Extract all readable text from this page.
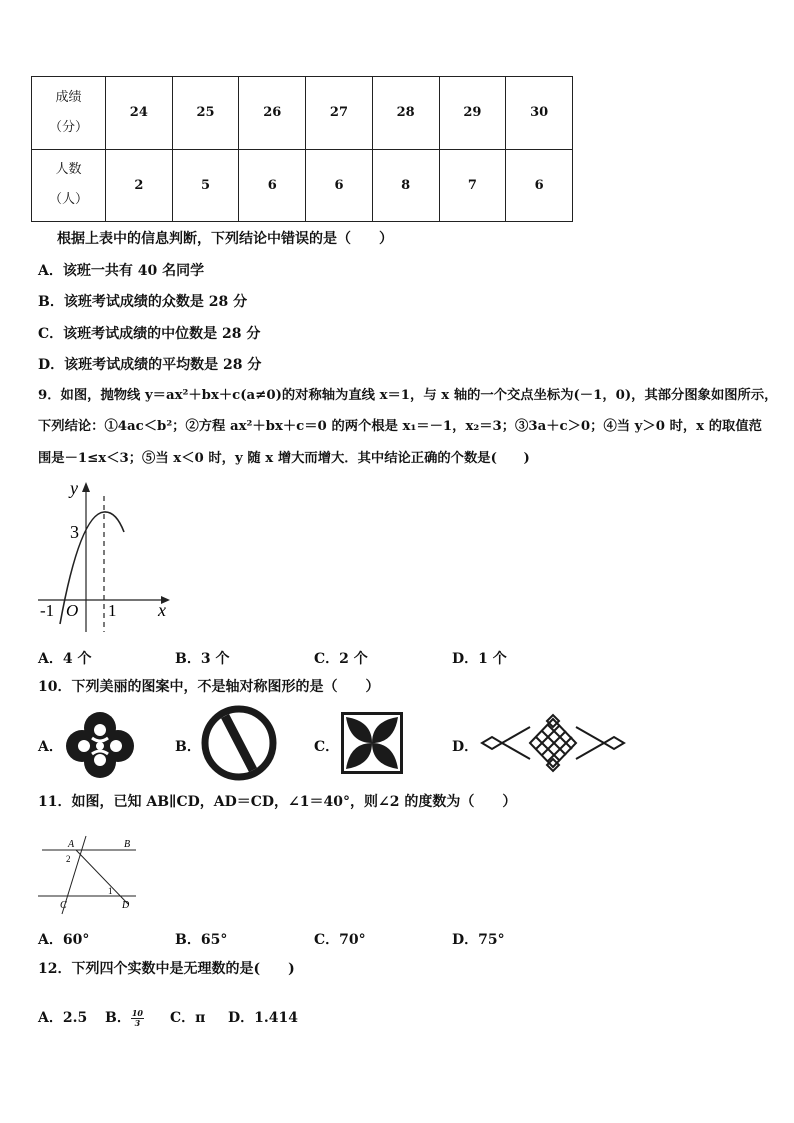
成绩
（分）	24	25	26	27	28	29	30
人数
（人）	2	5	6	6	8	7	6
根据上表中的信息判断，下列结论中错误的是（　　）
A．该班一共有 40 名同学
B．该班考试成绩的众数是 28 分
C．该班考试成绩的中位数是 28 分
D．该班考试成绩的平均数是 28 分
9．如图，抛物线 y＝ax²＋bx＋c(a≠0)的对称轴为直线 x＝1，与 x 轴的一个交点坐标为(－1，0)，其部分图象如图所示，
下列结论：①4ac＜b²；②方程 ax²＋bx＋c＝0 的两个根是 x₁＝－1，x₂＝3；③3a＋c＞0；④当 y＞0 时，x 的取值范
围是－1≤x＜3；⑤当 x＜0 时，y 随 x 增大而增大．其中结论正确的个数是(　　)
y
3
-1 O 1 x
A．4 个	B．3 个	C．2 个	D．1 个
10．下列美丽的图案中，不是轴对称图形的是（　　）
A．	B．	C．	D．
11．如图，已知 AB∥CD，AD＝CD，∠1＝40°，则∠2 的度数为（　　）
A	B
C	D
2
1
A．60°	B．65°	C．70°	D．75°
12．下列四个实数中是无理数的是(　　)
A．2.5 B． $\frac{10}{3}$ C．π D．1.414
